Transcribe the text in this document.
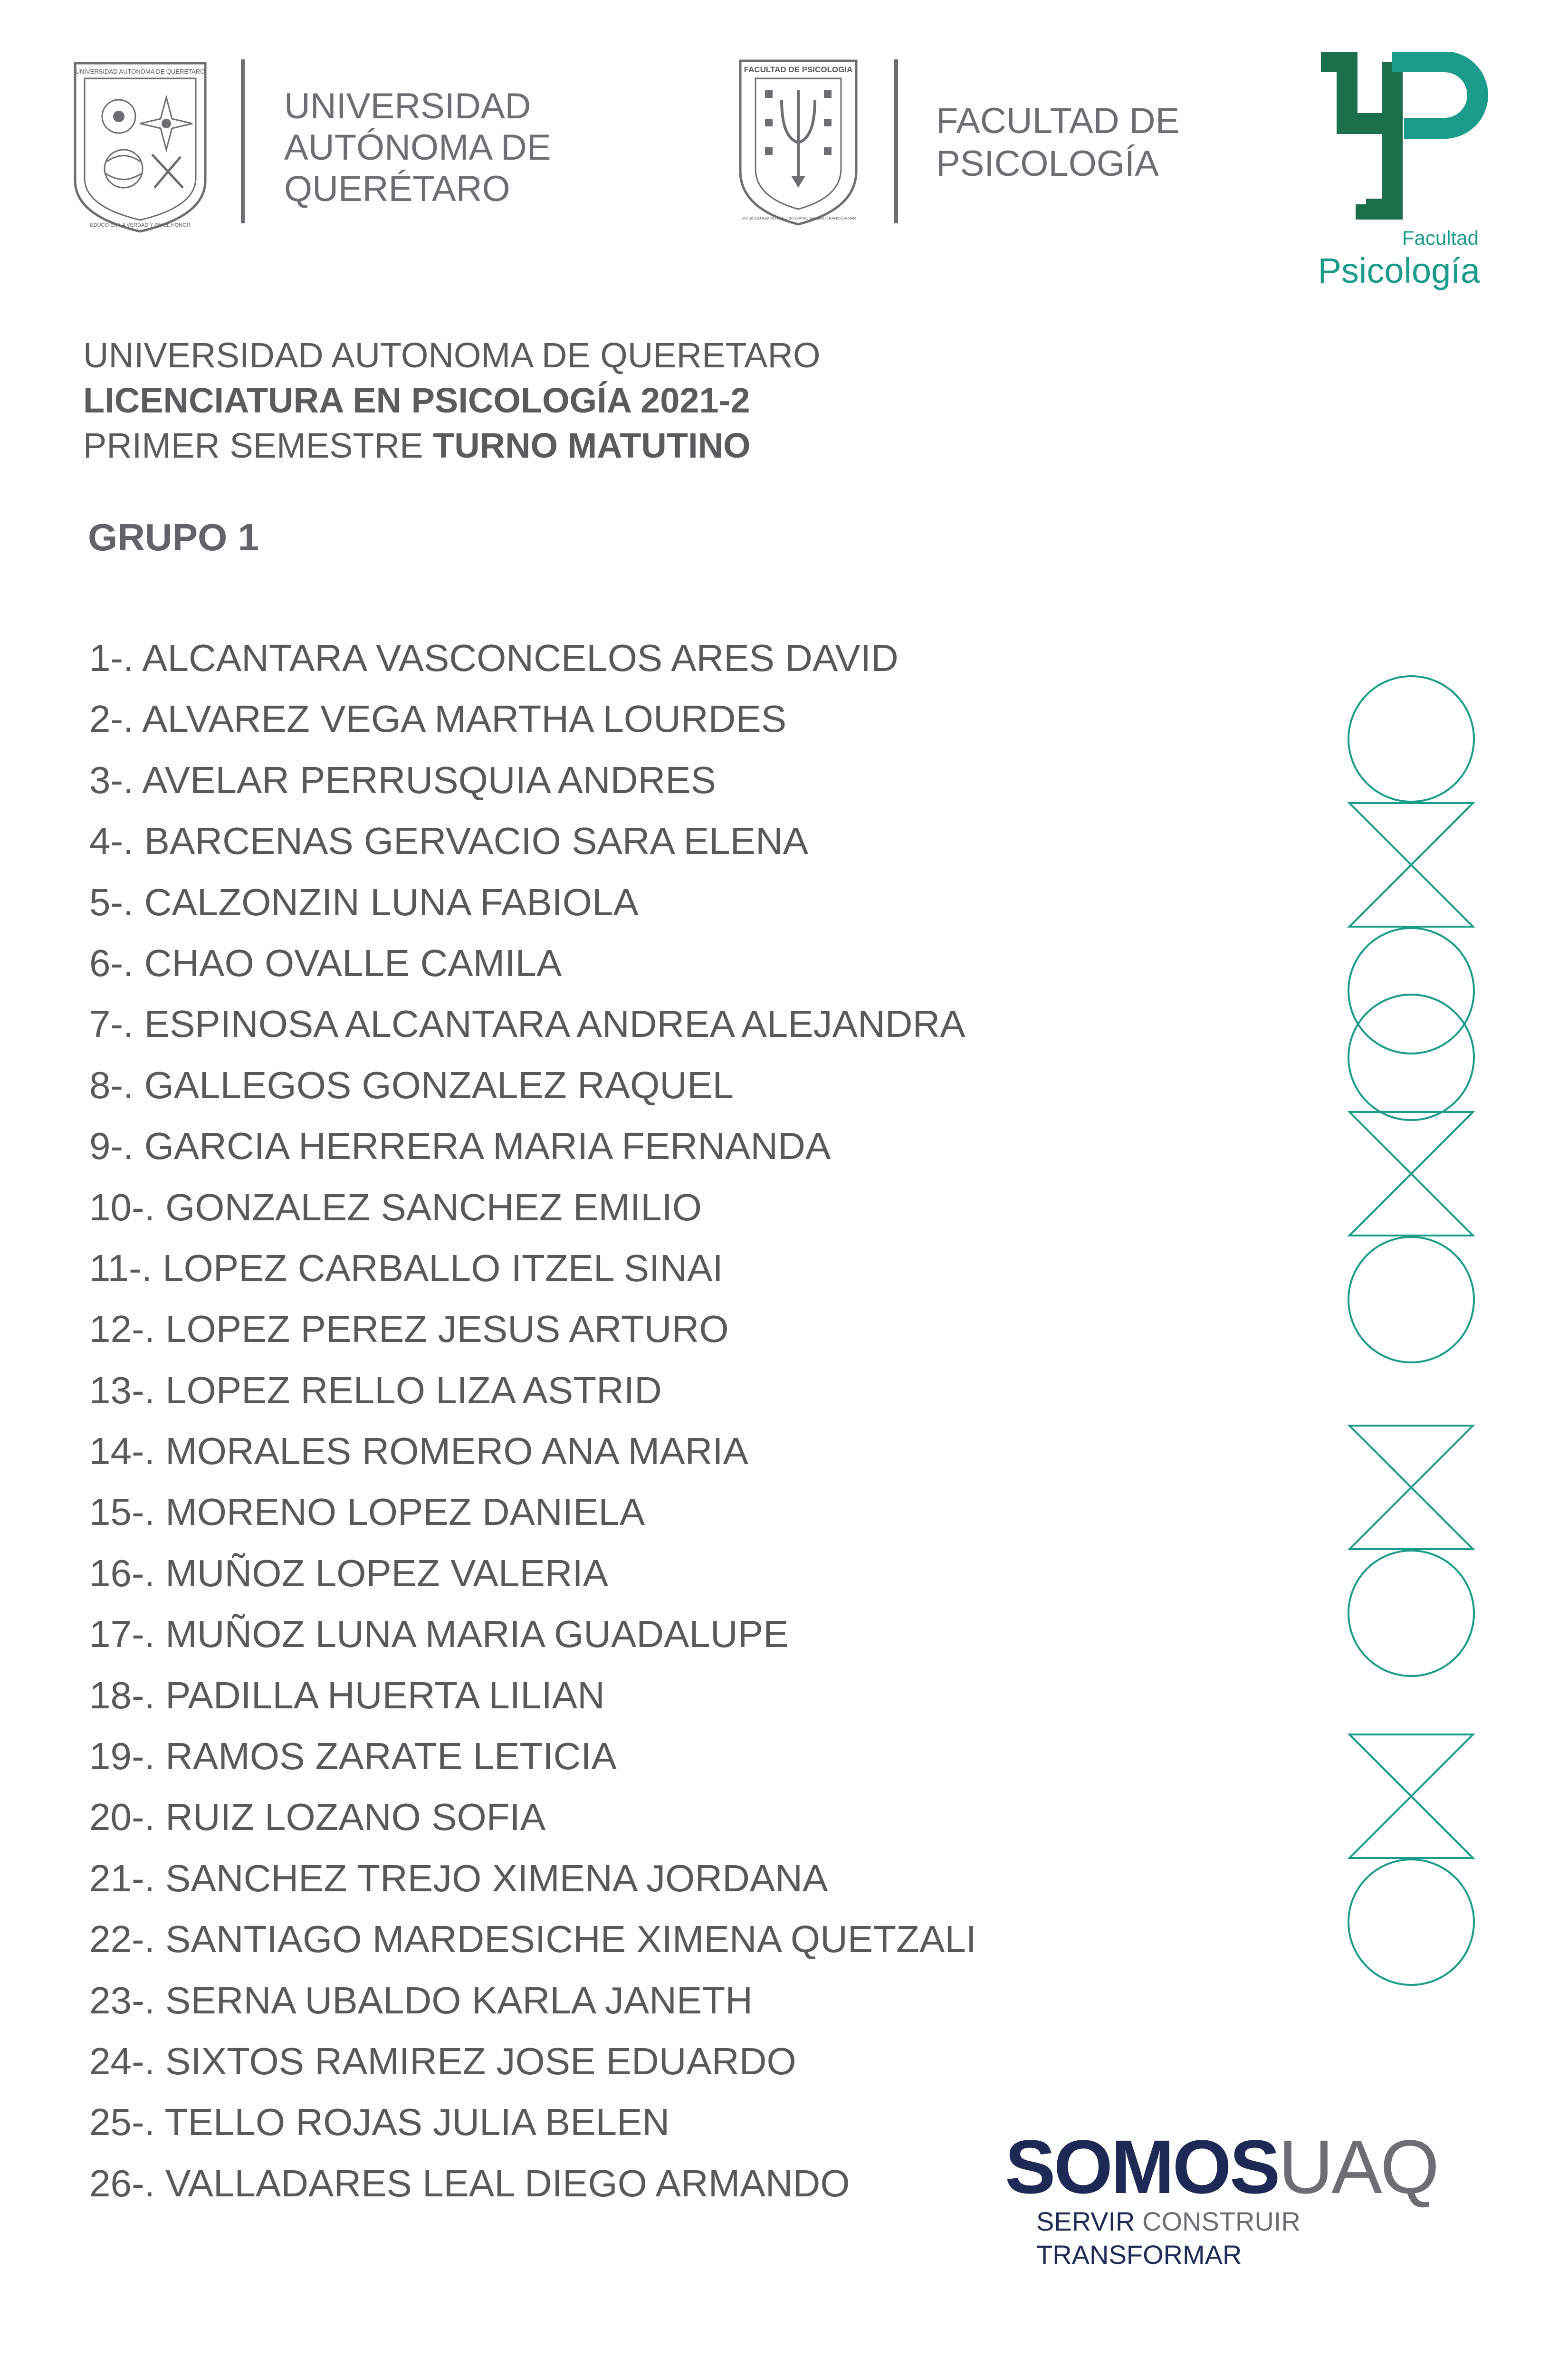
UNIVERSIDAD AUTONOMA DE QUERETARO
EDUCO EN LA VERDAD Y EN EL HONOR
UNIVERSIDAD
AUTÓNOMA DE
QUERÉTARO
FACULTAD DE PSICOLOGIA
LA PSICOLOGIA NO SOLO INTERPRETAR SINO TRANSFORMAR
FACULTAD DE
PSICOLOGÍA
Facultad
Psicología
UNIVERSIDAD AUTONOMA DE QUERETARO
LICENCIATURA EN PSICOLOGÍA 2021-2
PRIMER SEMESTRE TURNO MATUTINO
GRUPO 1
1-. ALCANTARA VASCONCELOS ARES DAVID
2-. ALVAREZ VEGA MARTHA LOURDES
3-. AVELAR PERRUSQUIA ANDRES
4-. BARCENAS GERVACIO SARA ELENA
5-. CALZONZIN LUNA FABIOLA
6-. CHAO OVALLE CAMILA
7-. ESPINOSA ALCANTARA ANDREA ALEJANDRA
8-. GALLEGOS GONZALEZ RAQUEL
9-. GARCIA HERRERA MARIA FERNANDA
10-. GONZALEZ SANCHEZ EMILIO
11-. LOPEZ CARBALLO ITZEL SINAI
12-. LOPEZ PEREZ JESUS ARTURO
13-. LOPEZ RELLO LIZA ASTRID
14-. MORALES ROMERO ANA MARIA
15-. MORENO LOPEZ DANIELA
16-. MUÑOZ LOPEZ VALERIA
17-. MUÑOZ LUNA MARIA GUADALUPE
18-. PADILLA HUERTA LILIAN
19-. RAMOS ZARATE LETICIA
20-. RUIZ LOZANO SOFIA
21-. SANCHEZ TREJO XIMENA JORDANA
22-. SANTIAGO MARDESICHE XIMENA QUETZALI
23-. SERNA UBALDO KARLA JANETH
24-. SIXTOS RAMIREZ JOSE EDUARDO
25-. TELLO ROJAS JULIA BELEN
26-. VALLADARES LEAL DIEGO ARMANDO	SOMOSUAQ
SERVIR CONSTRUIR TRANSFORMAR
